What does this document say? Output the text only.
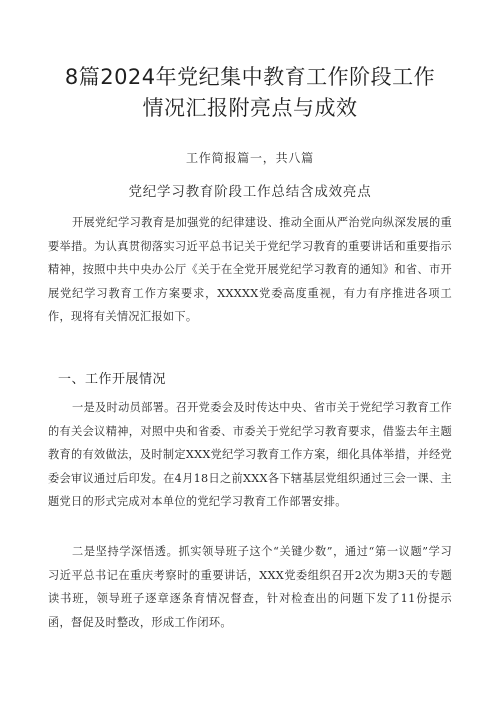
8篇2024年党纪集中教育工作阶段工作情况汇报附亮点与成效
工作简报篇一，共八篇
党纪学习教育阶段工作总结含成效亮点

开展党纪学习教育是加强党的纪律建设、推动全面从严治党向纵深发展的重要举措。为认真贯彻落实习近平总书记关于党纪学习教育的重要讲话和重要指示精神，按照中共中央办公厅《关于在全党开展党纪学习教育的通知》和省、市开展党纪学习教育工作方案要求，XXXXX党委高度重视，有力有序推进各项工作，现将有关情况汇报如下。

一、工作开展情况

一是及时动员部署。召开党委会及时传达中央、省市关于党纪学习教育工作的有关会议精神，对照中央和省委、市委关于党纪学习教育要求，借鉴去年主题教育的有效做法，及时制定XXX党纪学习教育工作方案，细化具体举措，并经党委会审议通过后印发。在4月18日之前XXX各下辖基层党组织通过三会一课、主题党日的形式完成对本单位的党纪学习教育工作部署安排。

二是坚持学深悟透。抓实领导班子这个“关键少数”，通过“第一议题”学习习近平总书记在重庆考察时的重要讲话，XXX党委组织召开2次为期3天的专题读书班，领导班子逐章逐条育情况督查，针对检查出的问题下发了11份提示函，督促及时整改，形成工作闭环。
